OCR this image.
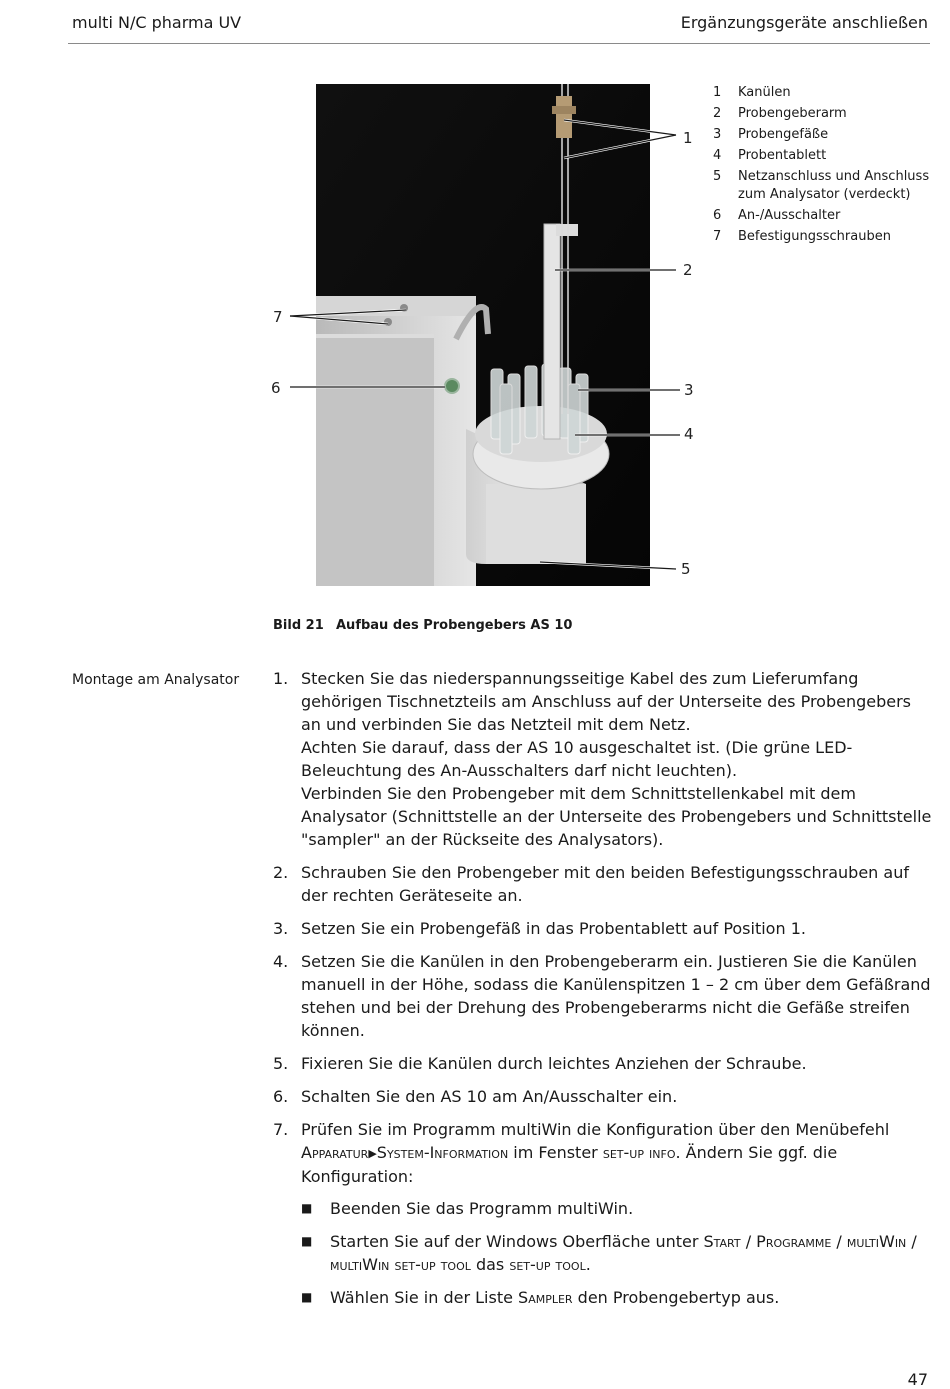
multi N/C pharma UV	Ergänzungsgeräte anschließen
1
2
3
4
5
6
7
1	Kanülen
2	Probengeberarm
3	Probengefäße
4	Probentablett
5	Netzanschluss und Anschluss zum Analysator (verdeckt)
6	An-/Ausschalter
7	Befestigungsschrauben
Bild 21 Aufbau des Probengebers AS 10
Montage am Analysator 1. Stecken Sie das niederspannungsseitige Kabel des zum Lieferumfang gehörigen Tischnetzteils am Anschluss auf der Unterseite des Probengebers an und verbinden Sie das Netzteil mit dem Netz.
Achten Sie darauf, dass der AS 10 ausgeschaltet ist. (Die grüne LED-Beleuchtung des An-Ausschalters darf nicht leuchten).
Verbinden Sie den Probengeber mit dem Schnittstellenkabel mit dem Analysator (Schnittstelle an der Unterseite des Probengebers und Schnittstelle "sampler" an der Rückseite des Analysators).
2. Schrauben Sie den Probengeber mit den beiden Befestigungsschrauben auf der rechten Geräteseite an.
3. Setzen Sie ein Probengefäß in das Probentablett auf Position 1.
4. Setzen Sie die Kanülen in den Probengeberarm ein. Justieren Sie die Kanülen manuell in der Höhe, sodass die Kanülenspitzen 1 – 2 cm über dem Gefäßrand stehen und bei der Drehung des Probengeberarms nicht die Gefäße streifen können.
5. Fixieren Sie die Kanülen durch leichtes Anziehen der Schraube.
6. Schalten Sie den AS 10 am An/Ausschalter ein.
7. Prüfen Sie im Programm multiWin die Konfiguration über den Menübefehl Apparatur▶System-Information im Fenster set-up info. Ändern Sie ggf. die Konfiguration:
■	Beenden Sie das Programm multiWin.
■	Starten Sie auf der Windows Oberfläche unter Start / Programme / multiWin / multiWin set-up tool das set-up tool.
■	Wählen Sie in der Liste Sampler den Probengebertyp aus.
47
